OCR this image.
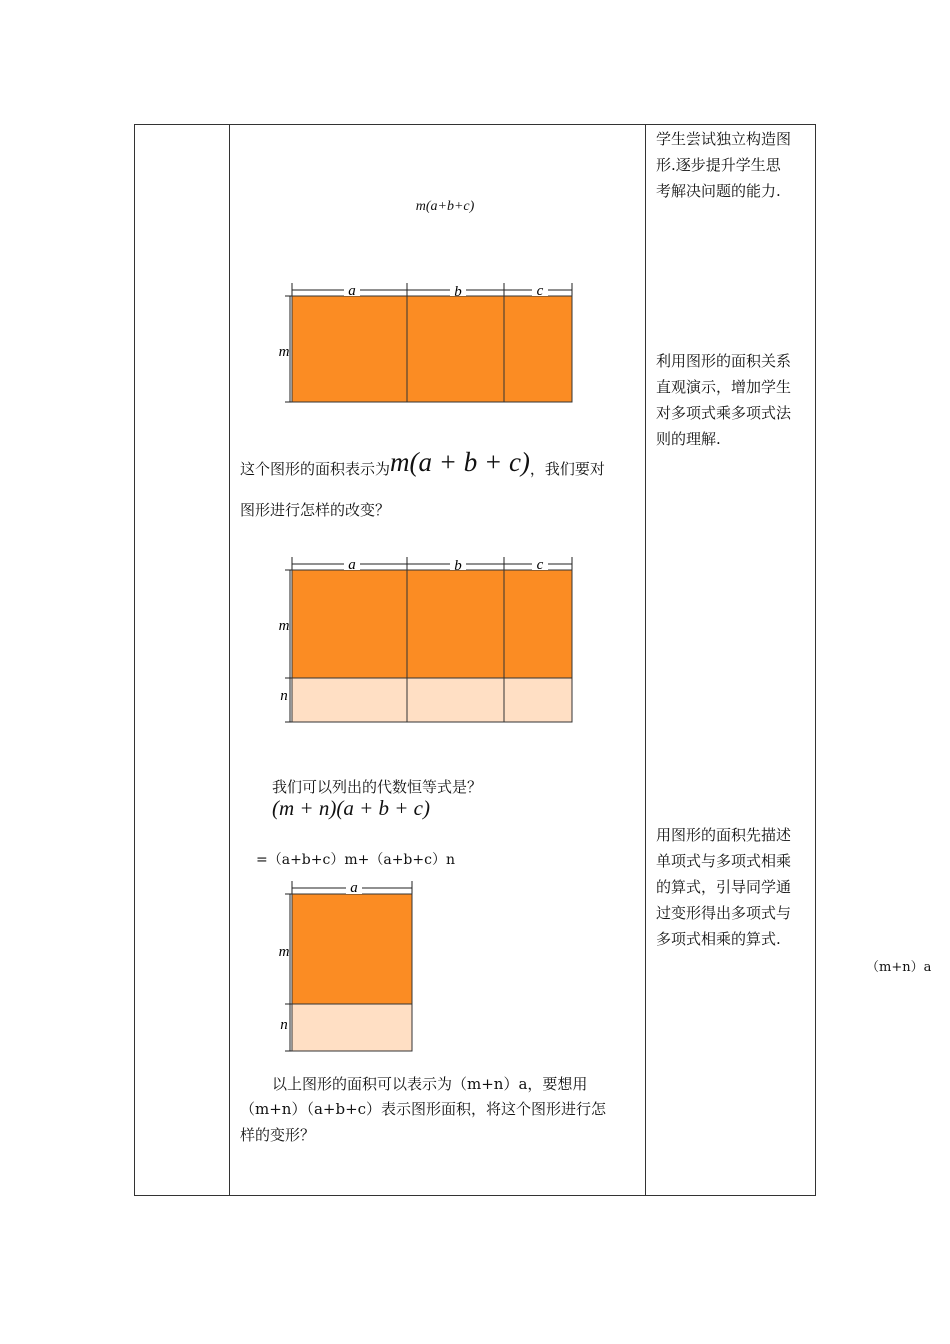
m(a+b+c)
a	b	c
m
这个图形的面积表示为m(a + b + c)，我们要对
图形进行怎样的改变？
a	b	c
m
n
我们可以列出的代数恒等式是？
(m + n)(a + b + c)
=（a+b+c）m+（a+b+c）n
a
m
n
以上图形的面积可以表示为（m+n）a，要想用
（m+n）（a+b+c）表示图形面积，将这个图形进行怎
样的变形？
学生尝试独立构造图
形.逐步提升学生思
考解决问题的能力.
利用图形的面积关系
直观演示，增加学生
对多项式乘多项式法
则的理解.
用图形的面积先描述
单项式与多项式相乘
的算式，引导同学通
过变形得出多项式与
多项式相乘的算式.
（m+n）a
